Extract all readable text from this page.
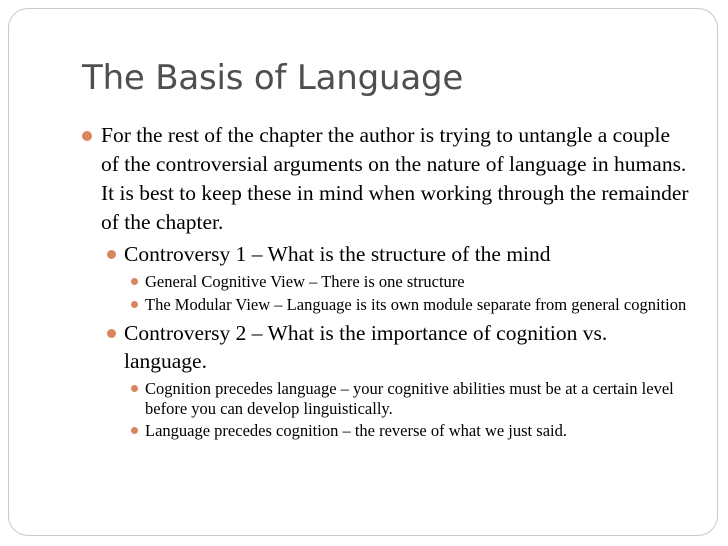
The Basis of Language
For the rest of the chapter the author is trying to untangle a couple of the controversial arguments on the nature of language in humans. It is best to keep these in mind when working through the remainder of the chapter.
Controversy 1 – What is the structure of the mind
General Cognitive View – There is one structure
The Modular View – Language is its own module separate from general cognition
Controversy 2 – What is the importance of cognition vs. language.
Cognition precedes language – your cognitive abilities must be at a certain level before you can develop linguistically.
Language precedes cognition – the reverse of what we just said.
